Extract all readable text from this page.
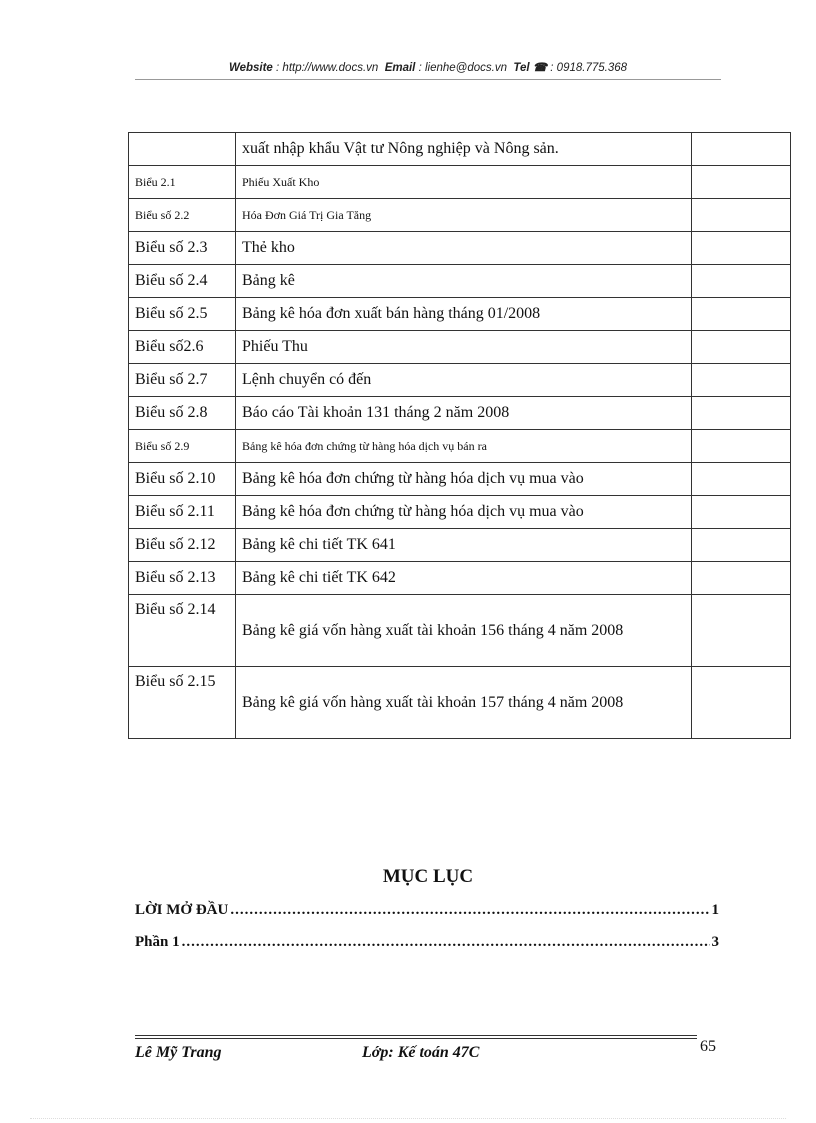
Website : http://www.docs.vn Email : lienhe@docs.vn Tel ☎ : 0918.775.368
	xuất nhập khẩu Vật tư Nông nghiệp và Nông sản.	
Biểu 2.1	Phiếu Xuất Kho	
Biểu số 2.2	Hóa Đơn Giá Trị Gia Tăng	
Biểu số 2.3	Thẻ kho	
Biểu số 2.4	Bảng kê	
Biểu số 2.5	Bảng kê hóa đơn xuất bán hàng tháng 01/2008	
Biểu số2.6	Phiếu Thu	
Biểu số 2.7	Lệnh chuyển có đến	
Biểu số 2.8	Báo cáo Tài khoản 131 tháng 2 năm 2008	
Biểu số 2.9	Bảng kê hóa đơn chứng từ hàng hóa dịch vụ bán ra	
Biểu số 2.10	Bảng kê hóa đơn chứng từ hàng hóa dịch vụ mua vào	
Biểu số 2.11	Bảng kê hóa đơn chứng từ hàng hóa dịch vụ mua vào	
Biểu số 2.12	Bảng kê chi tiết TK 641	
Biểu số 2.13	Bảng kê chi tiết TK 642	
Biểu số 2.14	Bảng kê giá vốn hàng xuất tài khoản 156 tháng 4 năm 2008	
Biểu số 2.15	Bảng kê giá vốn hàng xuất tài khoản 157 tháng 4 năm 2008	
MỤC LỤC
LỜI MỞ ĐẦU .....	1
Phần 1 .....	3
Lê Mỹ Trang	Lớp: Kế toán 47C	65
